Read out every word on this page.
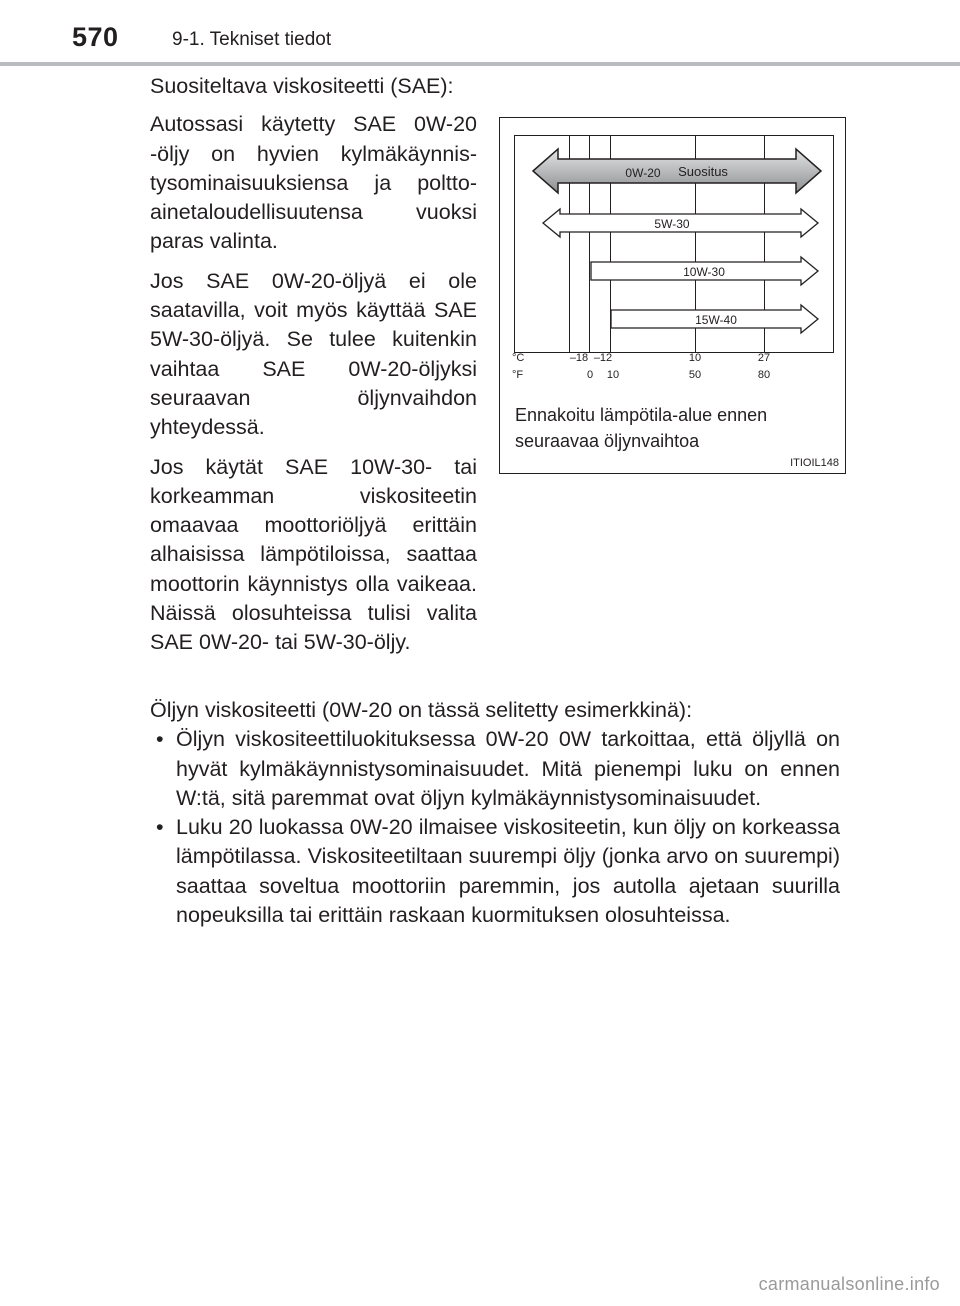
570	9-1. Tekniset tiedot

Suositeltava viskositeetti (SAE):

Autossasi käytetty SAE 0W-20 -öljy on hyvien kylmäkäynnistysominaisuuksiensa ja polttoainetaloudellisuutensa vuoksi paras valinta.

Jos SAE 0W-20-öljyä ei ole saatavilla, voit myös käyttää SAE 5W-30-öljyä. Se tulee kuitenkin vaihtaa SAE 0W-20-öljyksi seuraavan öljynvaihdon yhteydessä.

Jos käytät SAE 10W-30- tai korkeamman viskositeetin omaavaa moottoriöljyä erittäin alhaisissa lämpötiloissa, saattaa moottorin käynnistys olla vaikeaa. Näissä olosuhteissa tulisi valita SAE 0W-20- tai 5W-30-öljy.

0W-20 Suositus
5W-30
10W-30
15W-40
°C
°F
–18 –12	10	27
0 10	50	80
Ennakoitu lämpötila-alue ennen seuraavaa öljynvaihtoa
ITIOIL148

Öljyn viskositeetti (0W-20 on tässä selitetty esimerkkinä):

• Öljyn viskositeettiluokituksessa 0W-20 0W tarkoittaa, että öljyllä on hyvät kylmäkäynnistysominaisuudet. Mitä pienempi luku on ennen W:tä, sitä paremmat ovat öljyn kylmäkäynnistysominaisuudet.
• Luku 20 luokassa 0W-20 ilmaisee viskositeetin, kun öljy on korkeassa lämpötilassa. Viskositeetiltaan suurempi öljy (jonka arvo on suurempi) saattaa soveltua moottoriin paremmin, jos autolla ajetaan suurilla nopeuksilla tai erittäin raskaan kuormituksen olosuhteissa.
carmanualsonline.info
